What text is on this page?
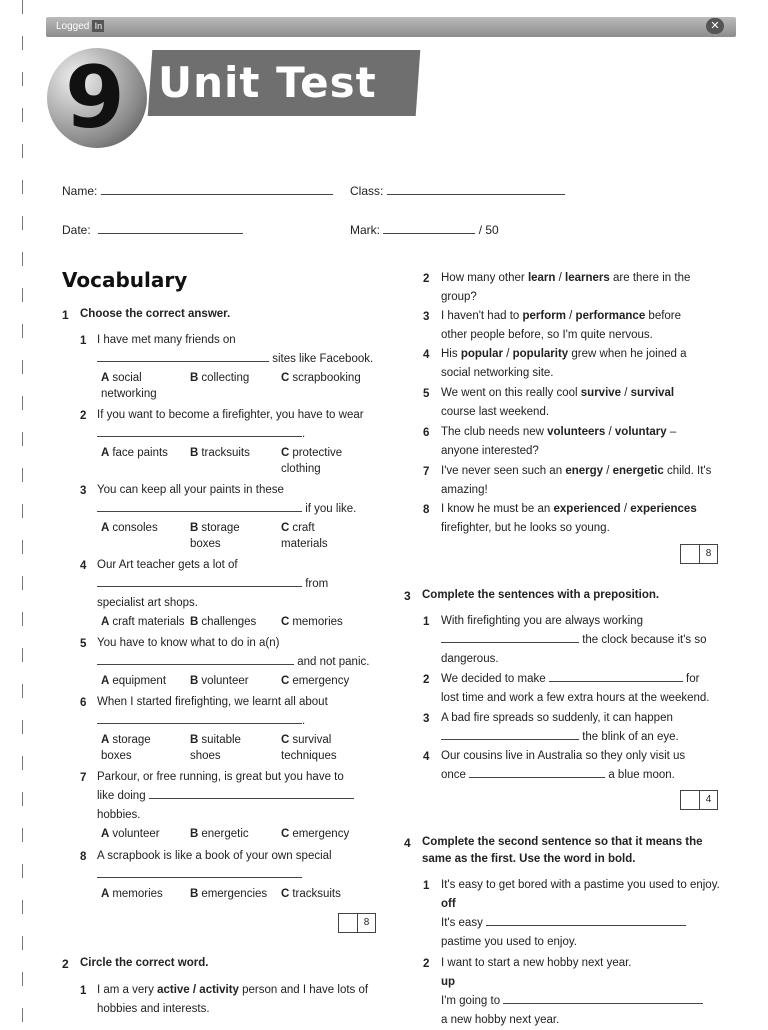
Logged In	✕
9 Unit Test
Name:	Class:
Date:	Mark:	/ 50
Vocabulary
1 Choose the correct answer.
1 I have met many friends on
sites like Facebook.
A social networking
B collecting	C scrapbooking
2 If you want to become a firefighter, you have to wear
.
A face paints B tracksuits	C protective clothing
3 You can keep all your paints in these
if you like.
A consoles	B storage boxes
C craft materials
4 Our Art teacher gets a lot of
from
specialist art shops.
A craft materials B challenges C memories
5 You have to know what to do in a(n)
and not panic.
A equipment B volunteer	C emergency
6 When I started firefighting, we learnt all about
.
A storage boxes
B suitable shoes
C survival techniques
7 Parkour, or free running, is great but you have to
like doing
hobbies.
A volunteer	B energetic	C emergency
8 A scrapbook is like a book of your own special
A memories B emergencies C tracksuits
8
2 Circle the correct word.
1 I am a very active / activity person and I have lots of
hobbies and interests.
2 How many other learn / learners are there in the
group?
3 I haven't had to perform / performance before
other people before, so I'm quite nervous.
4 His popular / popularity grew when he joined a
social networking site.
5 We went on this really cool survive / survival
course last weekend.
6 The club needs new volunteers / voluntary –
anyone interested?
7 I've never seen such an energy / energetic child. It's
amazing!
8 I know he must be an experienced / experiences
firefighter, but he looks so young.
8
3 Complete the sentences with a preposition.
1 With firefighting you are always working
the clock because it's so
dangerous.
2 We decided to make	for
lost time and work a few extra hours at the weekend.
3 A bad fire spreads so suddenly, it can happen
the blink of an eye.
4 Our cousins live in Australia so they only visit us
once	a blue moon.
4
4 Complete the second sentence so that it means the
same as the first. Use the word in bold.
1 It's easy to get bored with a pastime you used to enjoy.
off
It's easy
pastime you used to enjoy.
2 I want to start a new hobby next year.
up
I'm going to
a new hobby next year.
